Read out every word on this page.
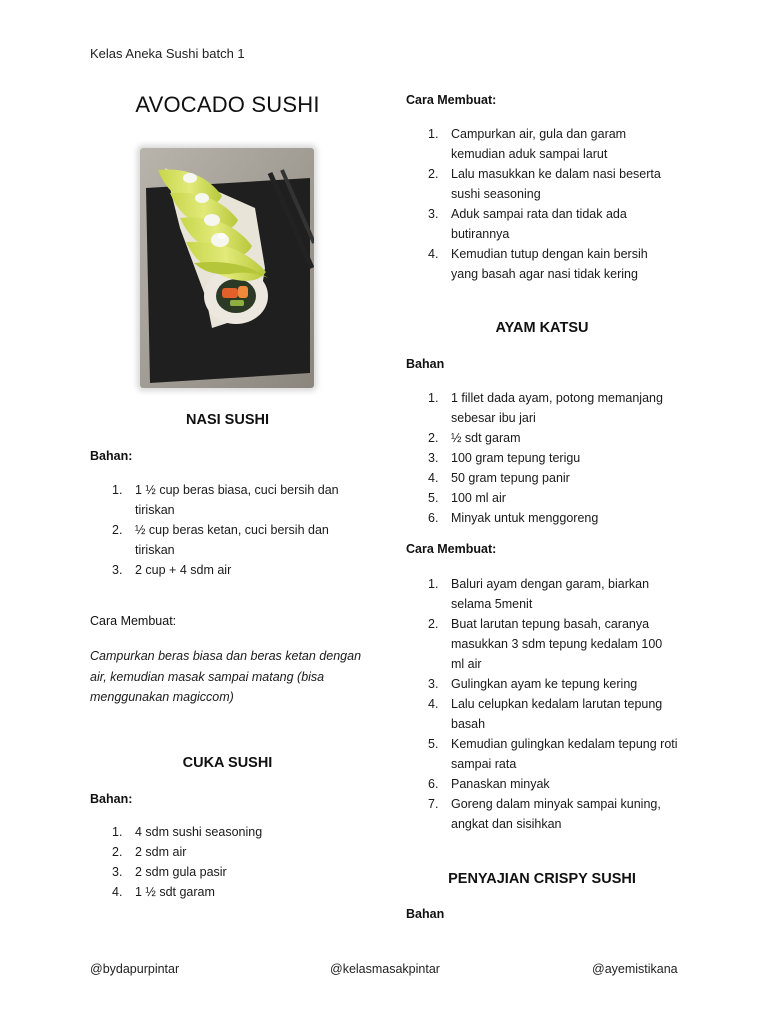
Kelas Aneka Sushi batch 1
AVOCADO SUSHI
NASI SUSHI
Bahan:
1. 1 ½ cup beras biasa, cuci bersih dan tiriskan
2. ½ cup beras ketan, cuci bersih dan tiriskan
3. 2 cup + 4 sdm air
Cara Membuat:

Campurkan beras biasa dan beras ketan dengan air, kemudian masak sampai matang (bisa menggunakan magiccom)

CUKA SUSHI
Bahan:
1. 4 sdm sushi seasoning
2. 2 sdm air
3. 2 sdm gula pasir
4. 1 ½ sdt garam
Cara Membuat:
1. Campurkan air, gula dan garam kemudian aduk sampai larut
2. Lalu masukkan ke dalam nasi beserta sushi seasoning
3. Aduk sampai rata dan tidak ada butirannya
4. Kemudian tutup dengan kain bersih yang basah agar nasi tidak kering
AYAM KATSU
Bahan
1. 1 fillet dada ayam, potong memanjang sebesar ibu jari
2. ½ sdt garam
3. 100 gram tepung terigu
4. 50 gram tepung panir
5. 100 ml air
6. Minyak untuk menggoreng
Cara Membuat:
1. Baluri ayam dengan garam, biarkan selama 5menit
2. Buat larutan tepung basah, caranya masukkan 3 sdm tepung kedalam 100 ml air
3. Gulingkan ayam ke tepung kering
4. Lalu celupkan kedalam larutan tepung basah
5. Kemudian gulingkan kedalam tepung roti sampai rata
6. Panaskan minyak
7. Goreng dalam minyak sampai kuning, angkat dan sisihkan
PENYAJIAN CRISPY SUSHI
Bahan
@bydapurpintar	@kelasmasakpintar	@ayemistikana
